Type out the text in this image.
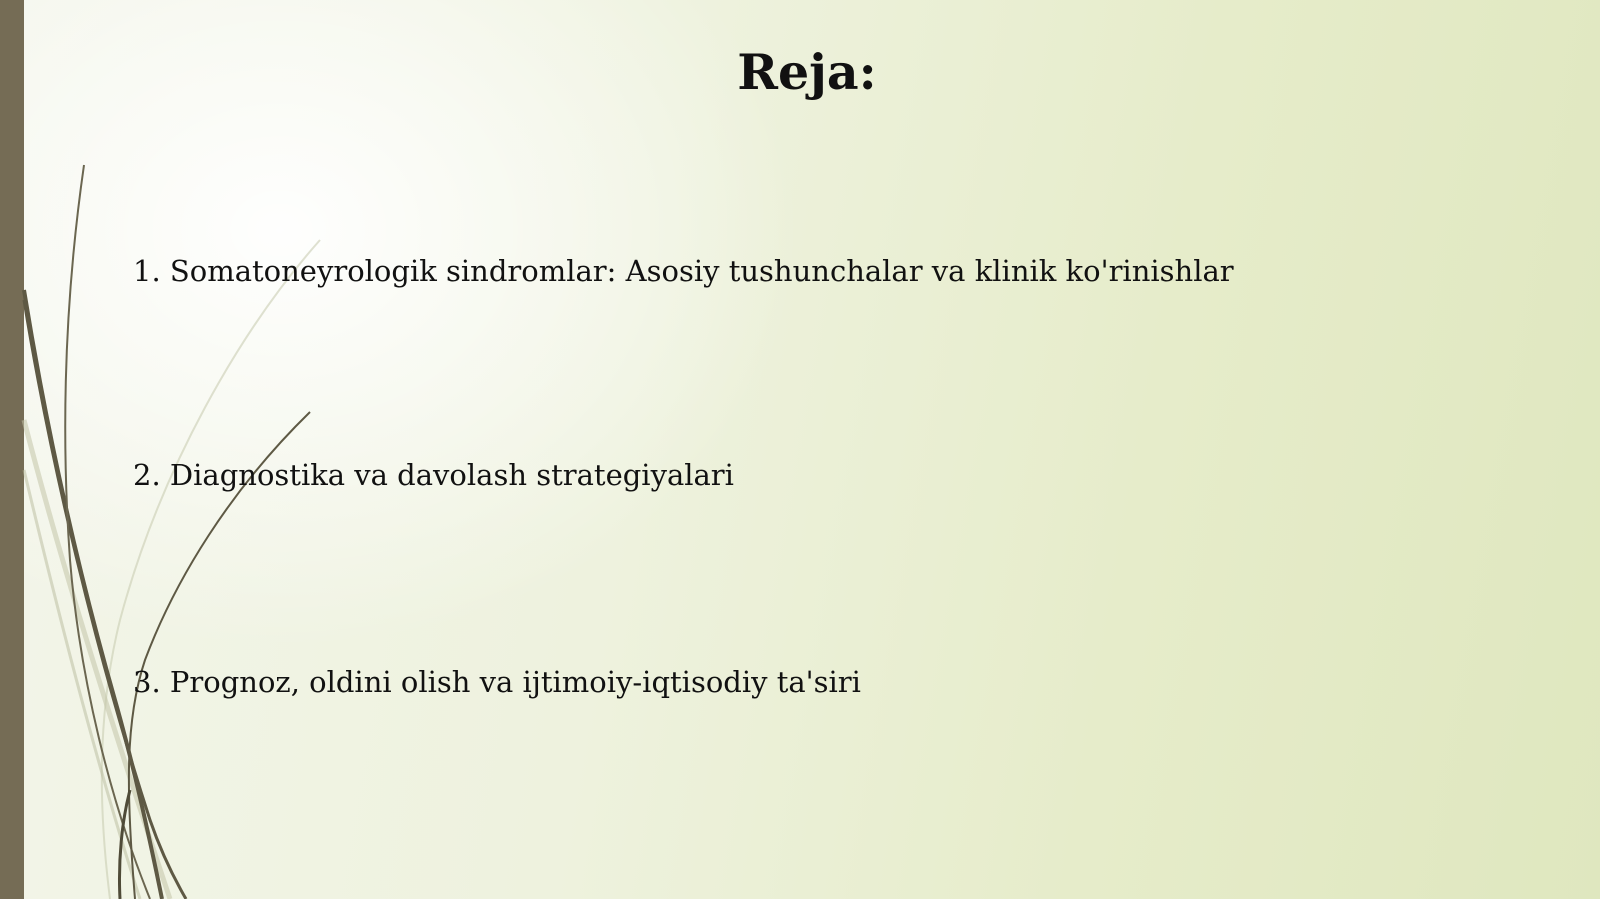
Reja:
1. Somatoneyrologik sindromlar: Asosiy tushunchalar va klinik ko'rinishlar
2. Diagnostika va davolash strategiyalari
3. Prognoz, oldini olish va ijtimoiy-iqtisodiy ta'siri
